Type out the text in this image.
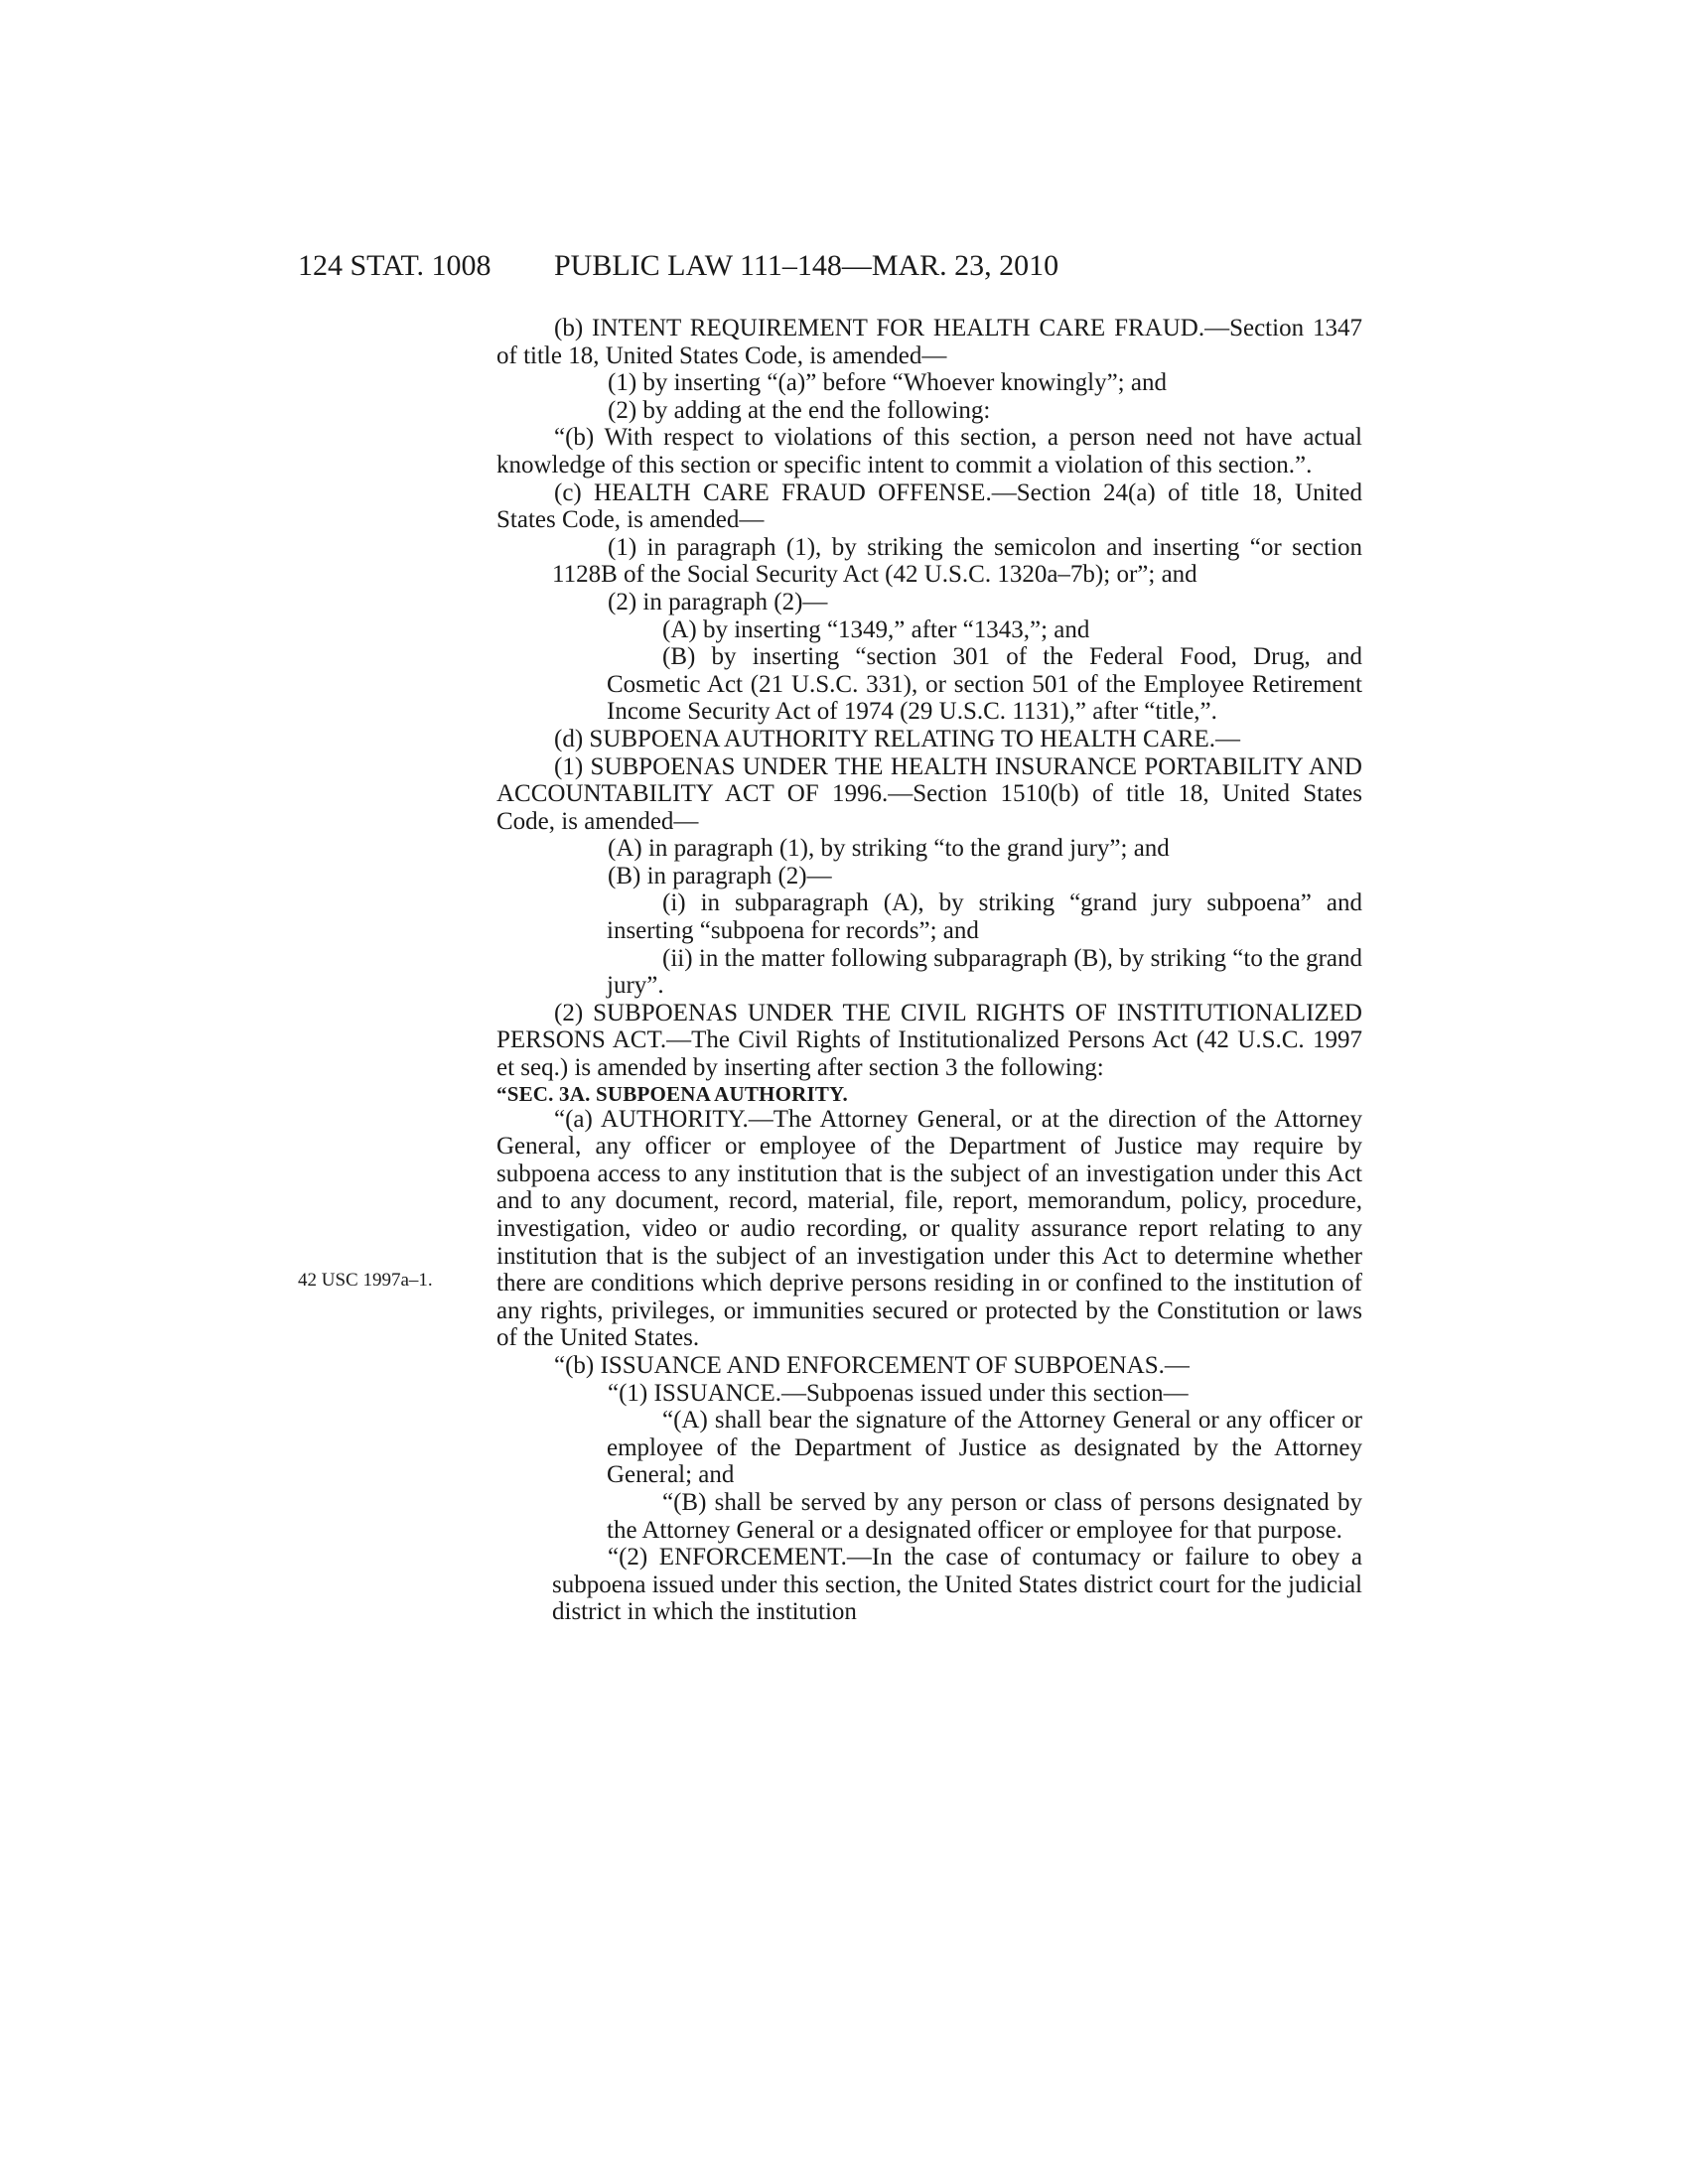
124 STAT. 1008 PUBLIC LAW 111–148—MAR. 23, 2010
42 USC 1997a–1.

(b) INTENT REQUIREMENT FOR HEALTH CARE FRAUD.—Section 1347 of title 18, United States Code, is amended—

(1) by inserting “(a)” before “Whoever knowingly”; and

(2) by adding at the end the following:

“(b) With respect to violations of this section, a person need not have actual knowledge of this section or specific intent to commit a violation of this section.”.

(c) HEALTH CARE FRAUD OFFENSE.—Section 24(a) of title 18, United States Code, is amended—

(1) in paragraph (1), by striking the semicolon and inserting “or section 1128B of the Social Security Act (42 U.S.C. 1320a–7b); or”; and

(2) in paragraph (2)—

(A) by inserting “1349,” after “1343,”; and

(B) by inserting “section 301 of the Federal Food, Drug, and Cosmetic Act (21 U.S.C. 331), or section 501 of the Employee Retirement Income Security Act of 1974 (29 U.S.C. 1131),” after “title,”.

(d) SUBPOENA AUTHORITY RELATING TO HEALTH CARE.—

(1) SUBPOENAS UNDER THE HEALTH INSURANCE PORTABILITY AND ACCOUNTABILITY ACT OF 1996.—Section 1510(b) of title 18, United States Code, is amended—

(A) in paragraph (1), by striking “to the grand jury”; and

(B) in paragraph (2)—

(i) in subparagraph (A), by striking “grand jury subpoena” and inserting “subpoena for records”; and

(ii) in the matter following subparagraph (B), by striking “to the grand jury”.

(2) SUBPOENAS UNDER THE CIVIL RIGHTS OF INSTITUTIONALIZED PERSONS ACT.—The Civil Rights of Institutionalized Persons Act (42 U.S.C. 1997 et seq.) is amended by inserting after section 3 the following:

“SEC. 3A. SUBPOENA AUTHORITY.

“(a) AUTHORITY.—The Attorney General, or at the direction of the Attorney General, any officer or employee of the Department of Justice may require by subpoena access to any institution that is the subject of an investigation under this Act and to any document, record, material, file, report, memorandum, policy, procedure, investigation, video or audio recording, or quality assurance report relating to any institution that is the subject of an investigation under this Act to determine whether there are conditions which deprive persons residing in or confined to the institution of any rights, privileges, or immunities secured or protected by the Constitution or laws of the United States.

“(b) ISSUANCE AND ENFORCEMENT OF SUBPOENAS.—

“(1) ISSUANCE.—Subpoenas issued under this section—

“(A) shall bear the signature of the Attorney General or any officer or employee of the Department of Justice as designated by the Attorney General; and

“(B) shall be served by any person or class of persons designated by the Attorney General or a designated officer or employee for that purpose.

“(2) ENFORCEMENT.—In the case of contumacy or failure to obey a subpoena issued under this section, the United States district court for the judicial district in which the institution
